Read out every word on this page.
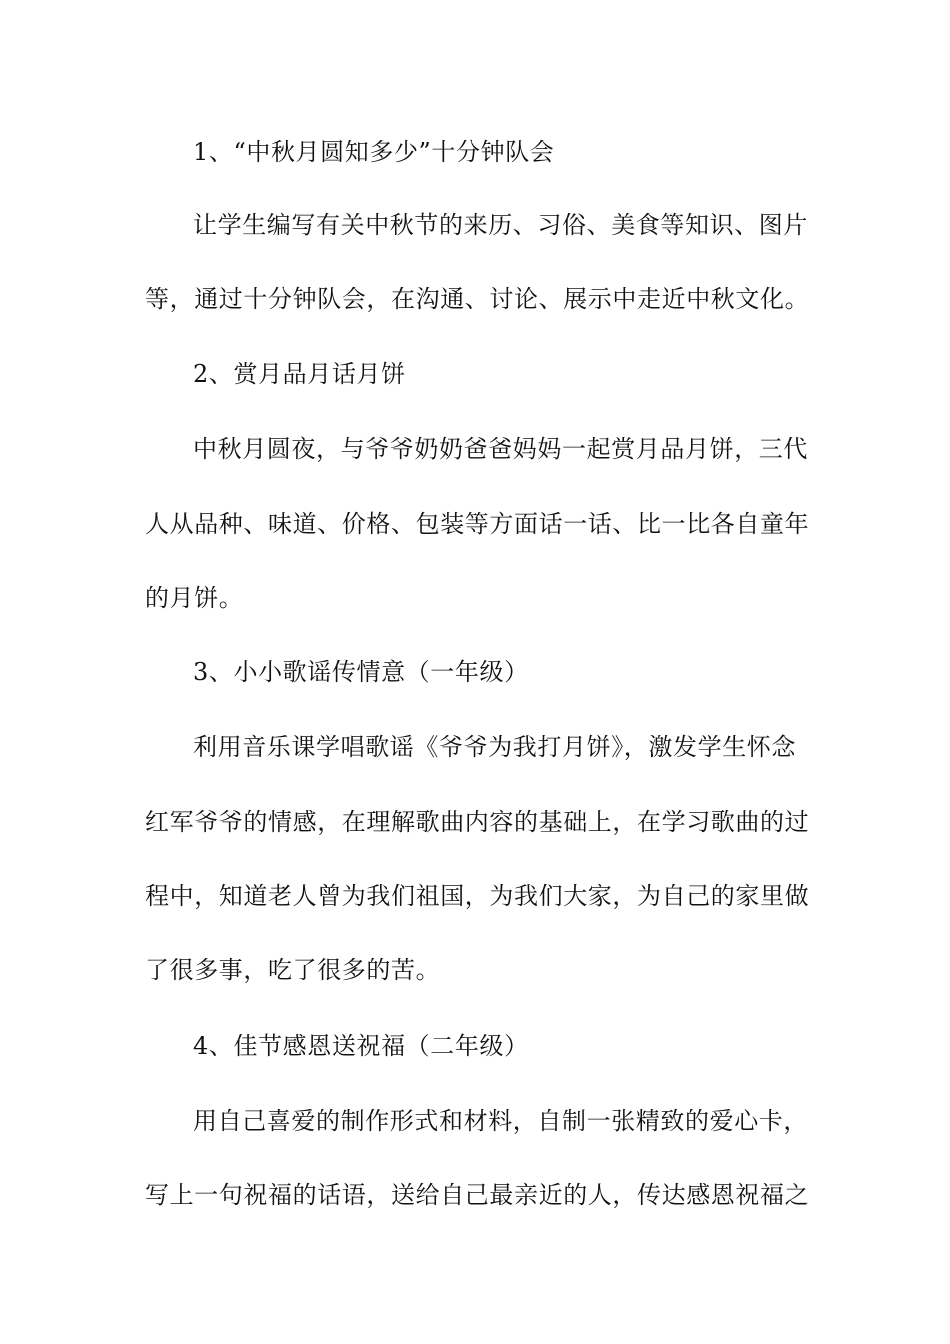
1、“中秋月圆知多少”十分钟队会
让学生编写有关中秋节的来历、习俗、美食等知识、图片
等，通过十分钟队会，在沟通、讨论、展示中走近中秋文化。
2、赏月品月话月饼
中秋月圆夜，与爷爷奶奶爸爸妈妈一起赏月品月饼，三代
人从品种、味道、价格、包装等方面话一话、比一比各自童年
的月饼。
3、小小歌谣传情意（一年级）
利用音乐课学唱歌谣《爷爷为我打月饼》，激发学生怀念
红军爷爷的情感，在理解歌曲内容的基础上，在学习歌曲的过
程中，知道老人曾为我们祖国，为我们大家，为自己的家里做
了很多事，吃了很多的苦。
4、佳节感恩送祝福（二年级）
用自己喜爱的制作形式和材料，自制一张精致的爱心卡，
写上一句祝福的话语，送给自己最亲近的人，传达感恩祝福之
